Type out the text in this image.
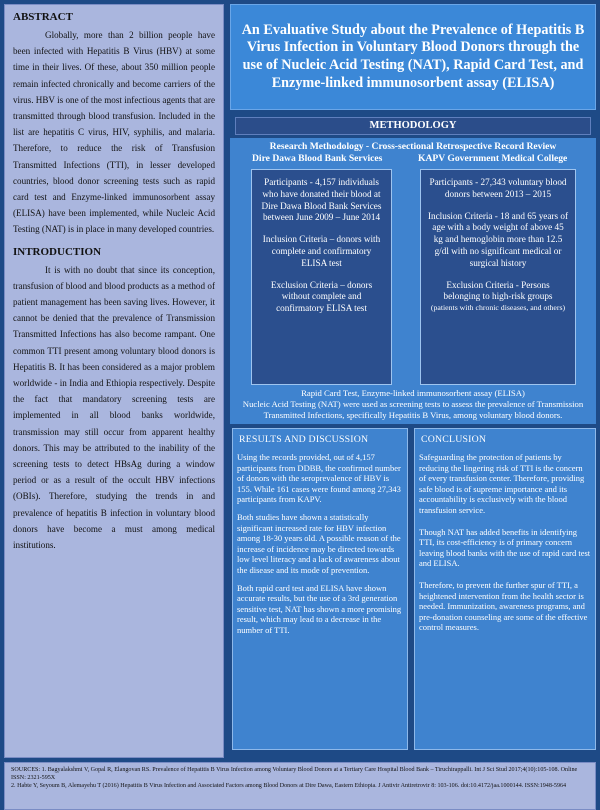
ABSTRACT

Globally, more than 2 billion people have been infected with Hepatitis B Virus (HBV) at some time in their lives. Of these, about 350 million people remain infected chronically and become carriers of the virus. HBV is one of the most infectious agents that are transmitted through blood transfusion. Included in the list are hepatitis C virus, HIV, syphilis, and malaria. Therefore, to reduce the risk of Transfusion Transmitted Infections (TTI), in lesser developed countries, blood donor screening tests such as rapid card test and Enzyme-linked immunosorbent assay (ELISA) have been implemented, while Nucleic Acid Testing (NAT) is in place in many developed countries.

INTRODUCTION

It is with no doubt that since its conception, transfusion of blood and blood products as a method of patient management has been saving lives. However, it cannot be denied that the prevalence of Transmission Transmitted Infections has also become rampant. One common TTI present among voluntary blood donors is Hepatitis B. It has been considered as a major problem worldwide - in India and Ethiopia respectively. Despite the fact that mandatory screening tests are implemented in all blood banks worldwide, transmission may still occur from apparent healthy donors. This may be attributed to the inability of the screening tests to detect HBsAg during a window period or as a result of the occult HBV infections (OBIs). Therefore, studying the trends in and prevalence of hepatitis B infection in voluntary blood donors have become a must among medical institutions.

An Evaluative Study about the Prevalence of Hepatitis B Virus Infection in Voluntary Blood Donors through the use of Nucleic Acid Testing (NAT), Rapid Card Test, and Enzyme-linked immunosorbent assay (ELISA)
METHODOLOGY
Research Methodology - Cross-sectional Retrospective Record Review
Dire Dawa Blood Bank Services	KAPV Government Medical College

Participants - 4,157 individuals who have donated their blood at Dire Dawa Blood Bank Services between June 2009 – June 2014

Inclusion Criteria – donors with complete and confirmatory ELISA test

Exclusion Criteria – donors without complete and confirmatory ELISA test

Participants - 27,343 voluntary blood donors between 2013 – 2015

Inclusion Criteria - 18 and 65 years of age with a body weight of above 45 kg and hemoglobin more than 12.5 g/dl with no significant medical or surgical history

Exclusion Criteria - Persons belonging to high-risk groups

(patients with chronic diseases, and others)
Rapid Card Test, Enzyme-linked immunosorbent assay (ELISA)
Nucleic Acid Testing (NAT) were used as screening tests to assess the prevalence of Transmission Transmitted Infections, specifically Hepatitis B Virus, among voluntary blood donors.
RESULTS AND DISCUSSION

Using the records provided, out of 4,157 participants from DDBB, the confirmed number of donors with the seroprevalence of HBV is 155. While 161 cases were found among 27,343 participants from KAPV.

Both studies have shown a statistically significant increased rate for HBV infection among 18-30 years old. A possible reason of the increase of incidence may be directed towards low level literacy and a lack of awareness about the disease and its mode of prevention.

Both rapid card test and ELISA have shown accurate results, but the use of a 3rd generation sensitive test, NAT has shown a more promising result, which may lead to a decrease in the number of TTI.

CONCLUSION

Safeguarding the protection of patients by reducing the lingering risk of TTI is the concern of every transfusion center. Therefore, providing safe blood is of supreme importance and its accountability is exclusively with the blood transfusion service.

Though NAT has added benefits in identifying TTI, its cost-efficiency is of primary concern leaving blood banks with the use of rapid card test and ELISA.

Therefore, to prevent the further spur of TTI, a heightened intervention from the health sector is needed. Immunization, awareness programs, and pre-donation counseling are some of the effective control measures.

SOURCES: 1. Bagyalakshmi V, Gopal R, Elangovan RS. Prevalence of Hepatitis B Virus Infection among Voluntary Blood Donors at a Tertiary Care Hospital Blood Bank – Tiruchirappalli. Int J Sci Stud 2017;4(10):105-108. Online ISSN: 2321-595X
2. Habte Y, Seyoum B, Alemayehu T (2016) Hepatitis B Virus Infection and Associated Factors among Blood Donors at Dire Dawa, Eastern Ethiopia. J Antivir Antiretrovir 8: 103-106. doi:10.4172/jaa.1000144. ISSN:1948-5964
